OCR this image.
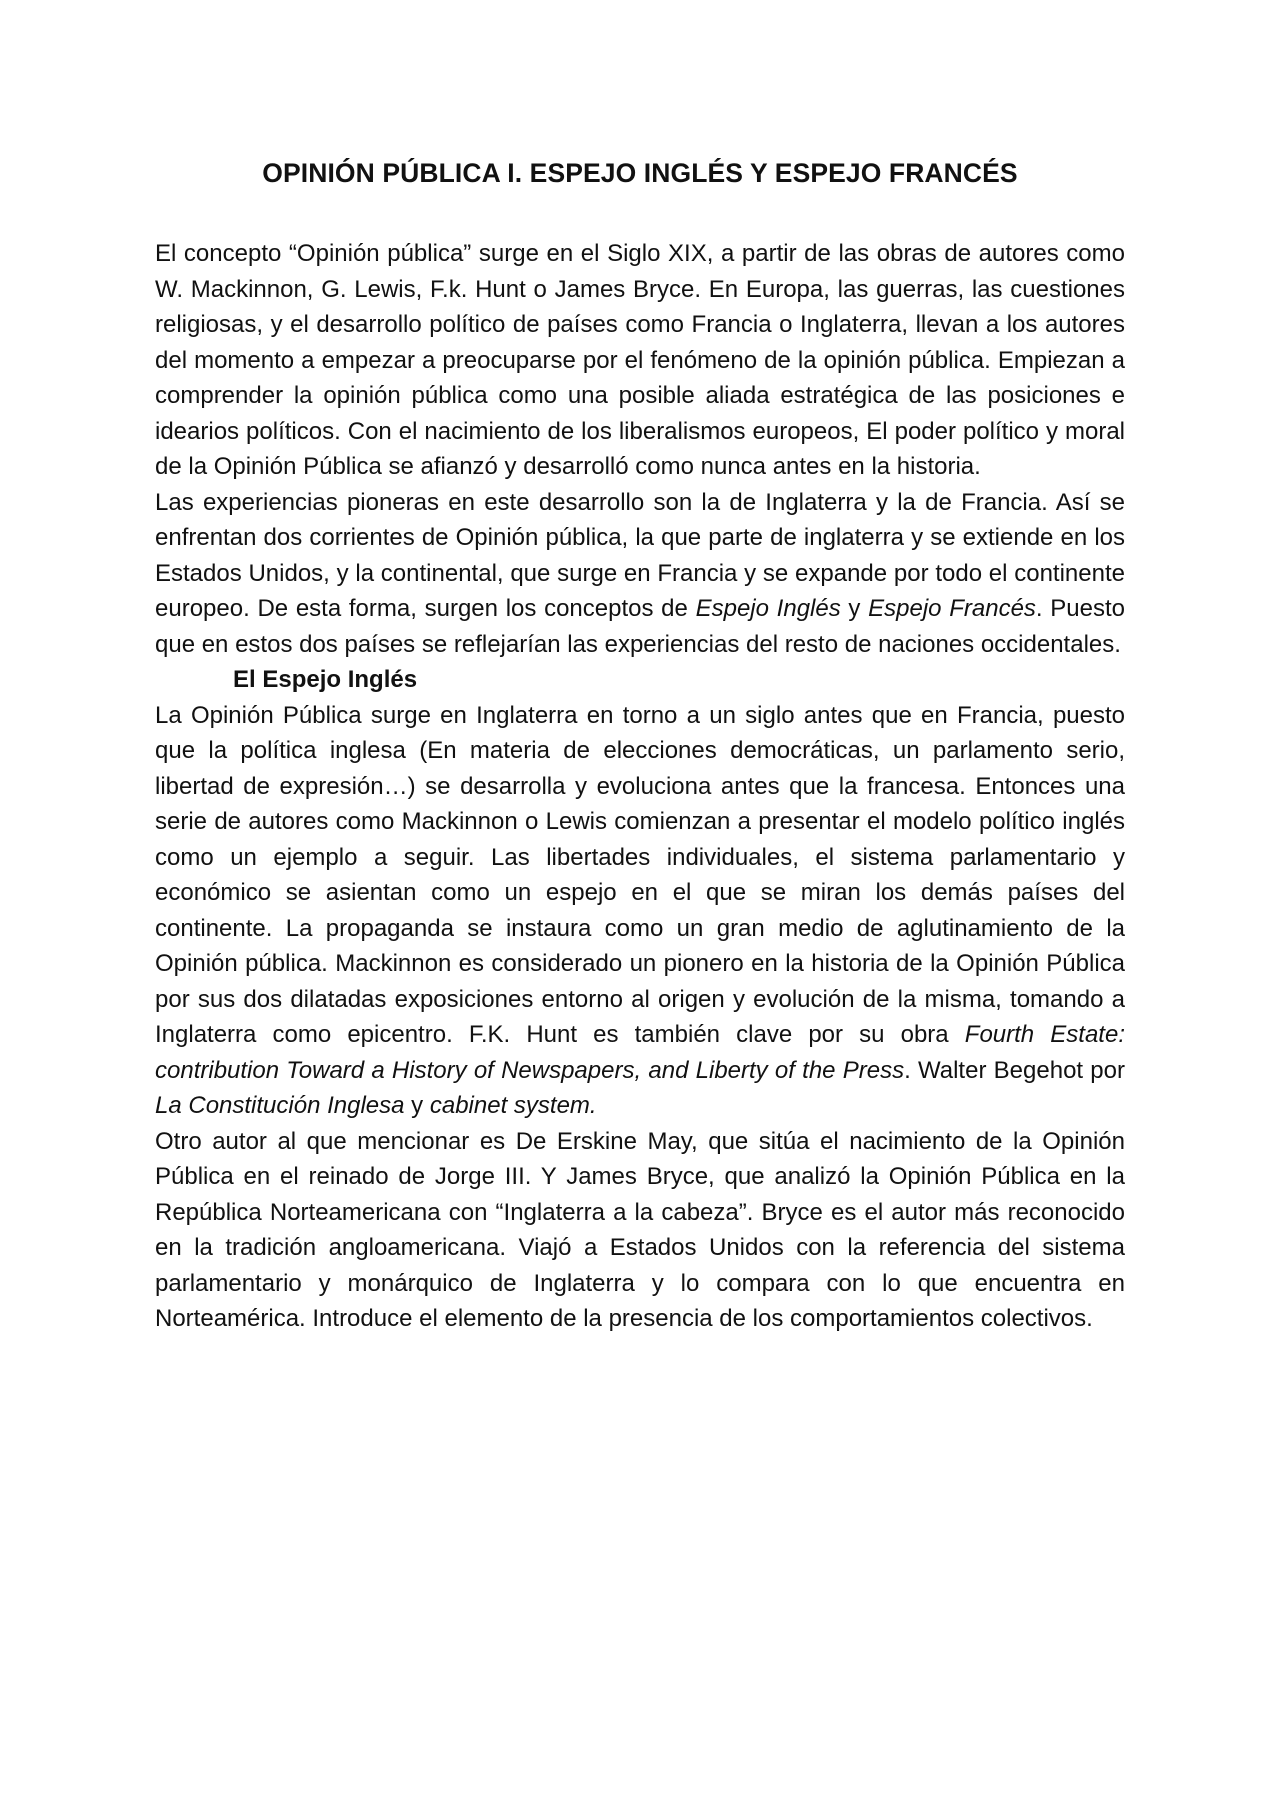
OPINIÓN PÚBLICA I. ESPEJO INGLÉS Y ESPEJO FRANCÉS

El concepto “Opinión pública” surge en el Siglo XIX, a partir de las obras de autores como W. Mackinnon, G. Lewis, F.k. Hunt o James Bryce. En Europa, las guerras, las cuestiones religiosas, y el desarrollo político de países como Francia o Inglaterra, llevan a los autores del momento a empezar a preocuparse por el fenómeno de la opinión pública. Empiezan a comprender la opinión pública como una posible aliada estratégica de las posiciones e idearios políticos. Con el nacimiento de los liberalismos europeos, El poder político y moral de la Opinión Pública se afianzó y desarrolló como nunca antes en la historia.

Las experiencias pioneras en este desarrollo son la de Inglaterra y la de Francia. Así se enfrentan dos corrientes de Opinión pública, la que parte de inglaterra y se extiende en los Estados Unidos, y la continental, que surge en Francia y se expande por todo el continente europeo. De esta forma, surgen los conceptos de Espejo Inglés y Espejo Francés. Puesto que en estos dos países se reflejarían las experiencias del resto de naciones occidentales.

El Espejo Inglés

La Opinión Pública surge en Inglaterra en torno a un siglo antes que en Francia, puesto que la política inglesa (En materia de elecciones democráticas, un parlamento serio, libertad de expresión…) se desarrolla y evoluciona antes que la francesa. Entonces una serie de autores como Mackinnon o Lewis comienzan a presentar el modelo político inglés como un ejemplo a seguir. Las libertades individuales, el sistema parlamentario y económico se asientan como un espejo en el que se miran los demás países del continente. La propaganda se instaura como un gran medio de aglutinamiento de la Opinión pública. Mackinnon es considerado un pionero en la historia de la Opinión Pública por sus dos dilatadas exposiciones entorno al origen y evolución de la misma, tomando a Inglaterra como epicentro. F.K. Hunt es también clave por su obra Fourth Estate: contribution Toward a History of Newspapers, and Liberty of the Press. Walter Begehot por La Constitución Inglesa y cabinet system.

Otro autor al que mencionar es De Erskine May, que sitúa el nacimiento de la Opinión Pública en el reinado de Jorge III. Y James Bryce, que analizó la Opinión Pública en la República Norteamericana con “Inglaterra a la cabeza”. Bryce es el autor más reconocido en la tradición angloamericana. Viajó a Estados Unidos con la referencia del sistema parlamentario y monárquico de Inglaterra y lo compara con lo que encuentra en Norteamérica. Introduce el elemento de la presencia de los comportamientos colectivos.
